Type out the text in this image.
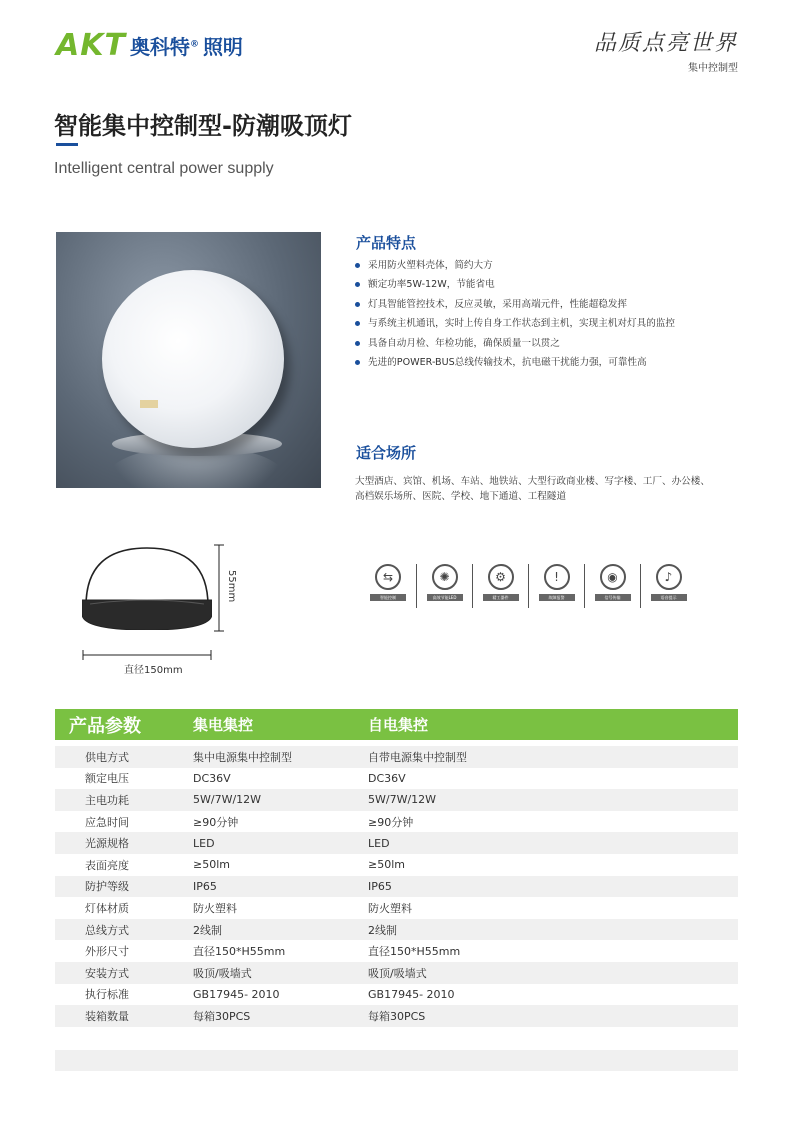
AKT 奥科特® 照明	品质点亮世界
集中控制型
智能集中控制型-防潮吸顶灯
Intelligent central power supply
产品特点
采用防火塑料壳体，简约大方
额定功率5W-12W，节能省电
灯具智能管控技术，反应灵敏，采用高端元件，性能超稳发挥
与系统主机通讯，实时上传自身工作状态到主机，实现主机对灯具的监控
具备自动月检、年检功能，确保质量一以贯之
先进的POWER-BUS总线传输技术，抗电磁干扰能力强，可靠性高
适合场所
大型酒店、宾馆、机场、车站、地铁站、大型行政商业楼、写字楼、工厂、办公楼、高档娱乐场所、医院、学校、地下通道、工程隧道
55mm
直径150mm
⇆
智能控制
✺
高效节能LED
⚙
精工器件
!
故障报警
◉
信号传输
♪
语音提示
产品参数	集电集控	自电集控
供电方式	集中电源集中控制型	自带电源集中控制型
额定电压	DC36V	DC36V
主电功耗	5W/7W/12W	5W/7W/12W
应急时间	≥90分钟	≥90分钟
光源规格	LED	LED
表面亮度	≥50lm	≥50lm
防护等级	IP65	IP65
灯体材质	防火塑料	防火塑料
总线方式	2线制	2线制
外形尺寸	直径150*H55mm	直径150*H55mm
安装方式	吸顶/吸墙式	吸顶/吸墙式
执行标准	GB17945- 2010	GB17945- 2010
装箱数量	每箱30PCS	每箱30PCS
